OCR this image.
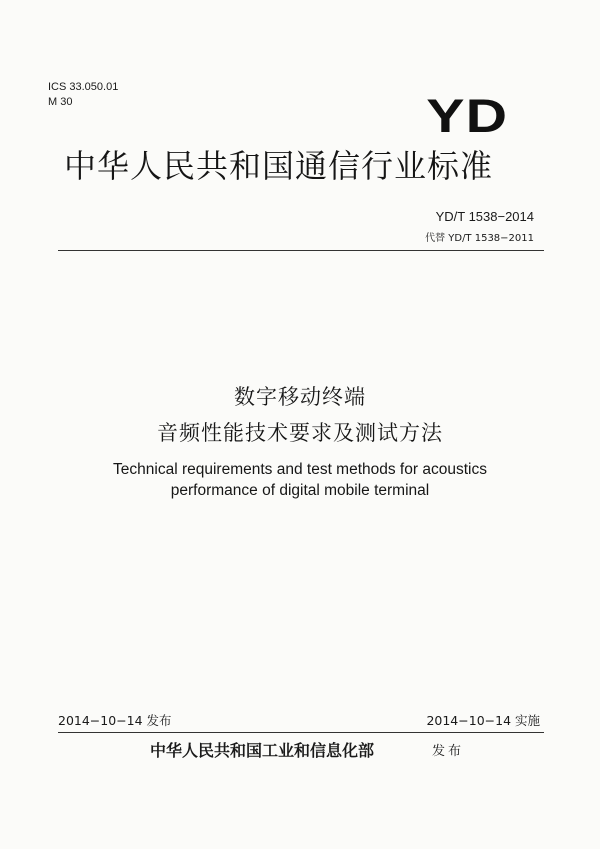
ICS 33.050.01
M 30	YD
中华人民共和国通信行业标准
YD/T 1538−2014
代替 YD/T 1538−2011
数字移动终端
音频性能技术要求及测试方法
Technical requirements and test methods for acoustics
performance of digital mobile terminal
2014−10−14 发布	2014−10−14 实施
中华人民共和国工业和信息化部	发布
